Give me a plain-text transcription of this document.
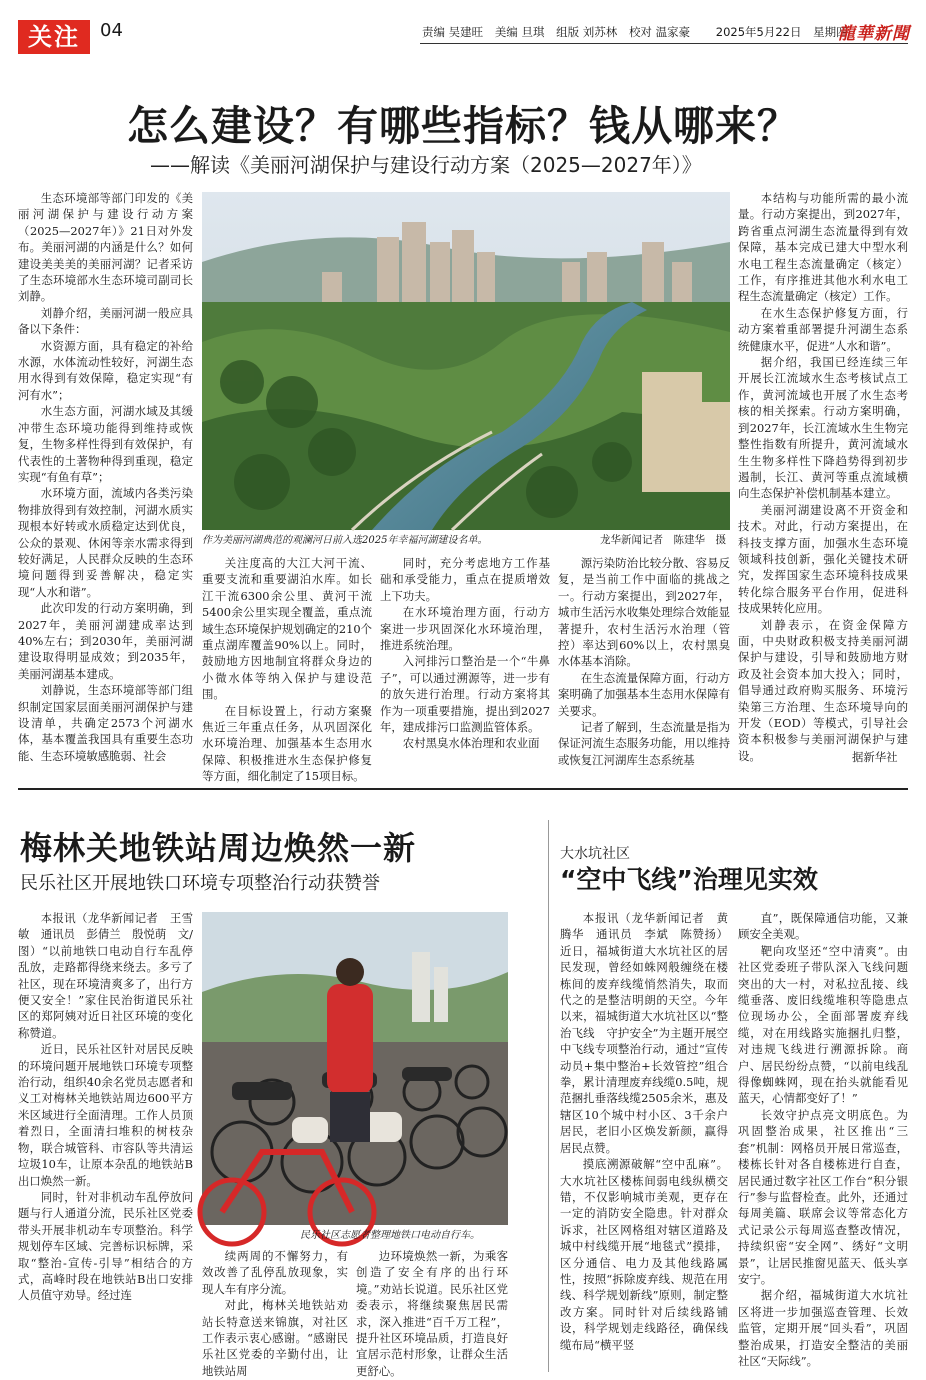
关注	04	责编 吴建旺 美编 旦琪 组版 刘苏林 校对 温家豪 2025年5月22日 星期四
龍華新聞
怎么建设？有哪些指标？钱从哪来？
——解读《美丽河湖保护与建设行动方案（2025—2027年）》

生态环境部等部门印发的《美丽河湖保护与建设行动方案（2025—2027年）》21日对外发布。美丽河湖的内涵是什么？如何建设美美美的美丽河湖？记者采访了生态环境部水生态环境司副司长刘静。

刘静介绍，美丽河湖一般应具备以下条件：

水资源方面，具有稳定的补给水源，水体流动性较好，河湖生态用水得到有效保障，稳定实现“有河有水”；

水生态方面，河湖水域及其缓冲带生态环境功能得到维持或恢复，生物多样性得到有效保护，有代表性的土著物种得到重现，稳定实现“有鱼有草”；

水环境方面，流域内各类污染物排放得到有效控制，河湖水质实现根本好转或水质稳定达到优良，公众的景观、休闲等亲水需求得到较好满足，人民群众反映的生态环境问题得到妥善解决，稳定实现“人水和谐”。

此次印发的行动方案明确，到2027年，美丽河湖建成率达到40%左右；到2030年，美丽河湖建设取得明显成效；到2035年，美丽河湖基本建成。

刘静说，生态环境部等部门组织制定国家层面美丽河湖保护与建设清单，共确定2573个河湖水体，基本覆盖我国具有重要生态功能、生态环境敏感脆弱、社会

作为美丽河湖典范的观澜河日前入选2025年幸福河湖建设名单。	龙华新闻记者　陈建华　摄

关注度高的大江大河干流、重要支流和重要湖泊水库。如长江干流6300余公里、黄河干流5400余公里实现全覆盖，重点流域生态环境保护规划确定的210个重点湖库覆盖90%以上。同时，鼓励地方因地制宜将群众身边的小微水体等纳入保护与建设范围。

在目标设置上，行动方案聚焦近三年重点任务，从巩固深化水环境治理、加强基本生态用水保障、积极推进水生态保护修复等方面，细化制定了15项目标。

同时，充分考虑地方工作基础和承受能力，重点在提质增效上下功夫。

在水环境治理方面，行动方案进一步巩固深化水环境治理，推进系统治理。

入河排污口整治是一个“牛鼻子”，可以通过溯源等，进一步有的放矢进行治理。行动方案将其作为一项重要措施，提出到2027年，建成排污口监测监管体系。

农村黑臭水体治理和农业面

源污染防治比较分散、容易反复，是当前工作中面临的挑战之一。行动方案提出，到2027年，城市生活污水收集处理综合效能显著提升，农村生活污水治理（管控）率达到60%以上，农村黑臭水体基本消除。

在生态流量保障方面，行动方案明确了加强基本生态用水保障有关要求。

记者了解到，生态流量是指为保证河流生态服务功能，用以维持或恢复江河湖库生态系统基

本结构与功能所需的最小流量。行动方案提出，到2027年，跨省重点河湖生态流量得到有效保障，基本完成已建大中型水利水电工程生态流量确定（核定）工作，有序推进其他水利水电工程生态流量确定（核定）工作。

在水生态保护修复方面，行动方案着重部署提升河湖生态系统健康水平，促进“人水和谐”。

据介绍，我国已经连续三年开展长江流域水生态考核试点工作，黄河流域也开展了水生态考核的相关探索。行动方案明确，到2027年，长江流域水生生物完整性指数有所提升，黄河流域水生生物多样性下降趋势得到初步遏制，长江、黄河等重点流域横向生态保护补偿机制基本建立。

美丽河湖建设离不开资金和技术。对此，行动方案提出，在科技支撑方面，加强水生态环境领域科技创新，强化关键技术研究，发挥国家生态环境科技成果转化综合服务平台作用，促进科技成果转化应用。

刘静表示，在资金保障方面，中央财政积极支持美丽河湖保护与建设，引导和鼓励地方财政及社会资本加大投入；同时，倡导通过政府购买服务、环境污染第三方治理、生态环境导向的开发（EOD）等模式，引导社会资本积极参与美丽河湖保护与建设。	据新华社
梅林关地铁站周边焕然一新
民乐社区开展地铁口环境专项整治行动获赞誉

本报讯（龙华新闻记者　王雪敏　通讯员　彭倩兰　殷悦萌　文/图）“以前地铁口电动自行车乱停乱放，走路都得绕来绕去。多亏了社区，现在环境清爽多了，出行方便又安全！”家住民治街道民乐社区的郑阿姨对近日社区环境的变化称赞道。

近日，民乐社区针对居民反映的环境问题开展地铁口环境专项整治行动，组织40余名党员志愿者和义工对梅林关地铁站周边600平方米区域进行全面清理。工作人员顶着烈日，全面清扫堆积的树枝杂物，联合城管科、市容队等共清运垃圾10车，让原本杂乱的地铁站B出口焕然一新。

同时，针对非机动车乱停放问题与行人通道分流，民乐社区党委带头开展非机动车专项整治。科学规划停车区域、完善标识标牌，采取“整治-宣传-引导”相结合的方式，高峰时段在地铁站B出口安排人员值守劝导。经过连

民乐社区志愿者整理地铁口电动自行车。

续两周的不懈努力，有效改善了乱停乱放现象，实现人车有序分流。

对此，梅林关地铁站劝站长特意送来锦旗，对社区工作表示衷心感谢。“感谢民乐社区党委的辛勤付出，让地铁站周

边环境焕然一新，为乘客创造了安全有序的出行环境。”劝站长说道。民乐社区党委表示，将继续聚焦居民需求，深入推进“百千万工程”，提升社区环境品质，打造良好宜居示范村形象，让群众生活更舒心。

大水坑社区
“空中飞线”治理见实效

本报讯（龙华新闻记者　黄腾华　通讯员　李斌　陈赞扬）近日，福城街道大水坑社区的居民发现，曾经如蛛网般缠绕在楼栋间的废弃线缆悄然消失，取而代之的是整洁明朗的天空。今年以来，福城街道大水坑社区以“整治飞线　守护安全”为主题开展空中飞线专项整治行动，通过“宣传动员+集中整治+长效管控”组合拳，累计清理废弃线缆0.5吨，规范捆扎垂落线缆2505余米，惠及辖区10个城中村小区、3千余户居民，老旧小区焕发新颜，赢得居民点赞。

摸底溯源破解“空中乱麻”。大水坑社区楼栋间弱电线纵横交错，不仅影响城市美观，更存在一定的消防安全隐患。针对群众诉求，社区网格组对辖区道路及城中村线缆开展“地毯式”摸排，区分通信、电力及其他线路属性，按照“拆除废弃线、规范在用线、科学规划新线”原则，制定整改方案。同时针对后续线路铺设，科学规划走线路径，确保线缆布局“横平竖

直”，既保障通信功能，又兼顾安全美观。

靶向攻坚还“空中清爽”。由社区党委班子带队深入飞线问题突出的大一村，对私拉乱接、线缆垂落、废旧线缆堆积等隐患点位现场办公，全面部署废弃线缆，对在用线路实施捆扎归整，对违规飞线进行溯源拆除。商户、居民纷纷点赞，“以前电线乱得像蜘蛛网，现在抬头就能看见蓝天，心情都变好了！”

长效守护点亮文明底色。为巩固整治成果，社区推出“三套”机制：网格员开展日常巡查，楼栋长针对各自楼栋进行自查，居民通过数字社区工作台“积分银行”参与监督检查。此外，还通过每周美篇、联席会议等常态化方式记录公示每周巡查整改情况，持续织密“安全网”、绣好“文明景”，让居民推窗见蓝天、低头享安宁。

据介绍，福城街道大水坑社区将进一步加强巡查管理、长效监管，定期开展“回头看”，巩固整治成果，打造安全整洁的美丽社区“天际线”。
